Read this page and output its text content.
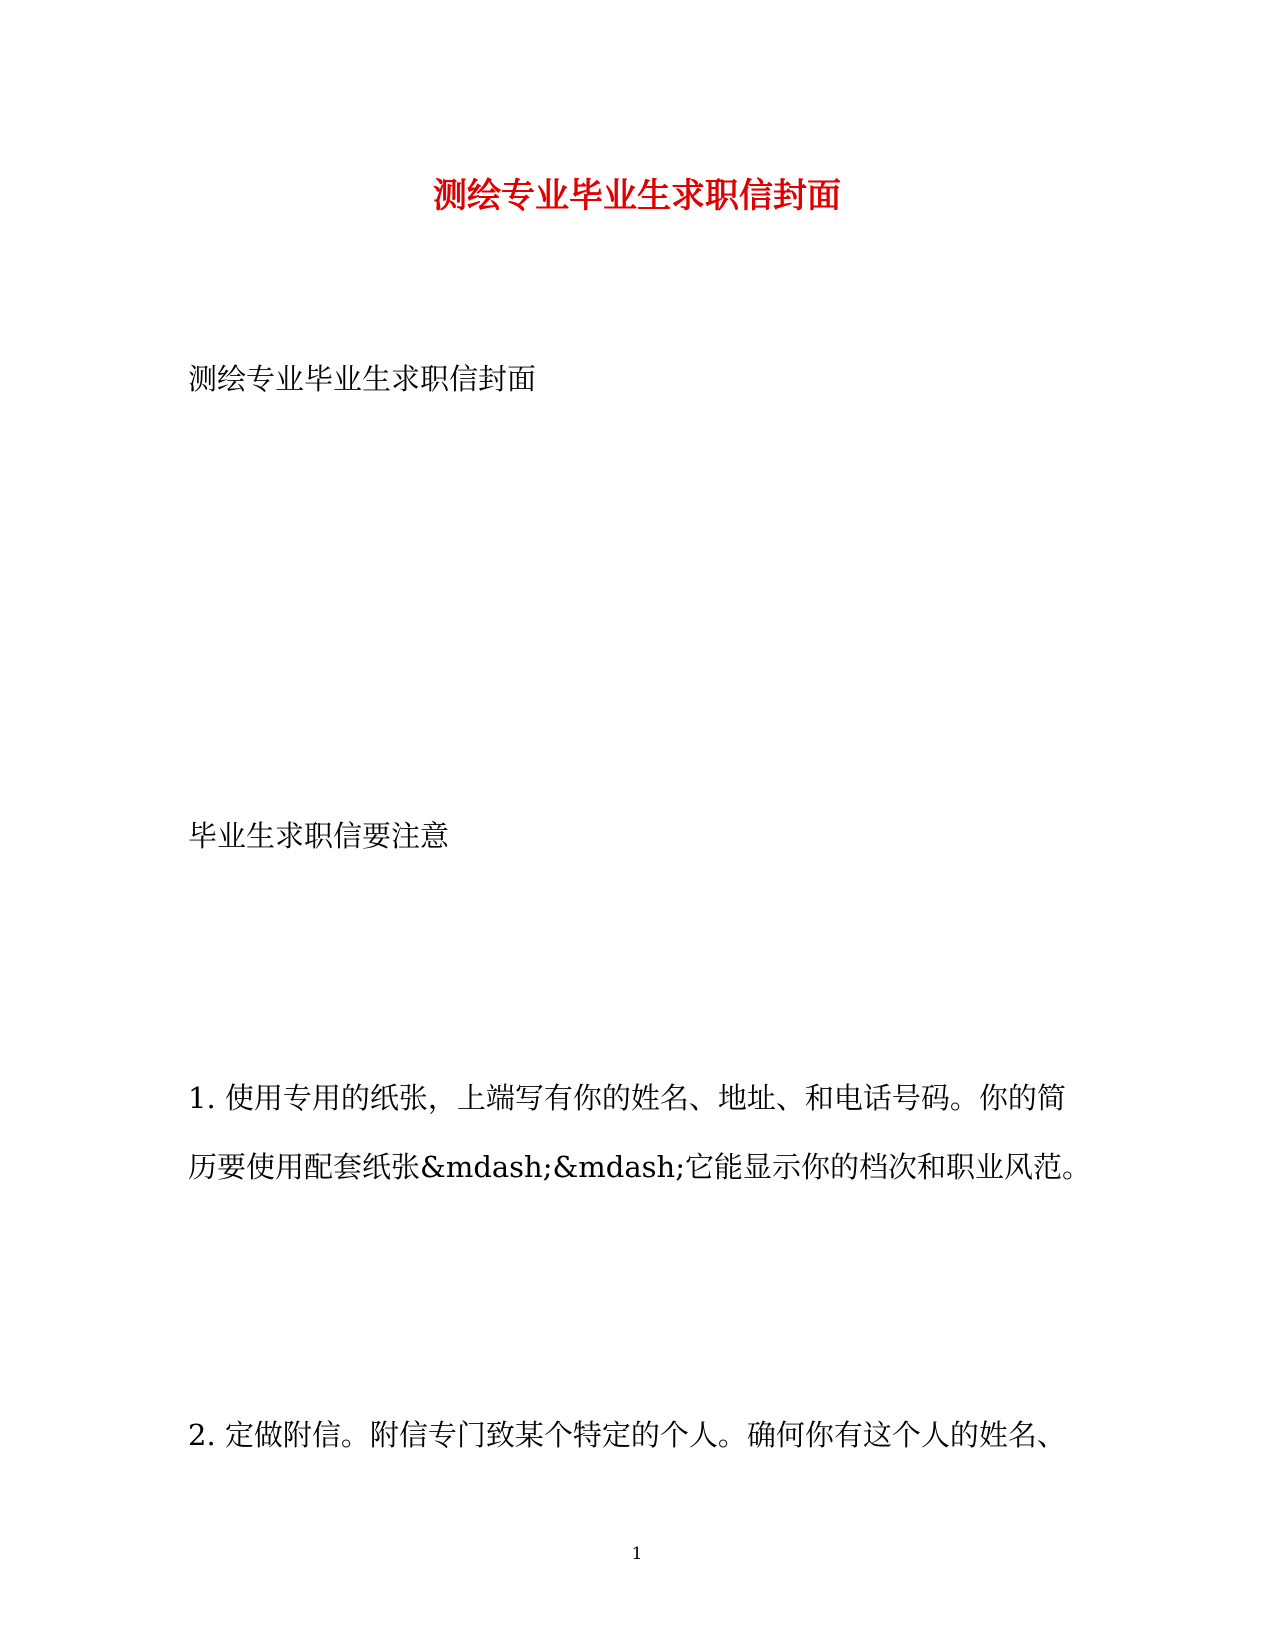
测绘专业毕业生求职信封面
测绘专业毕业生求职信封面
毕业生求职信要注意
1. 使用专用的纸张，上端写有你的姓名、地址、和电话号码。你的简
历要使用配套纸张&mdash;&mdash;它能显示你的档次和职业风范。
2. 定做附信。附信专门致某个特定的个人。确何你有这个人的姓名、
1
